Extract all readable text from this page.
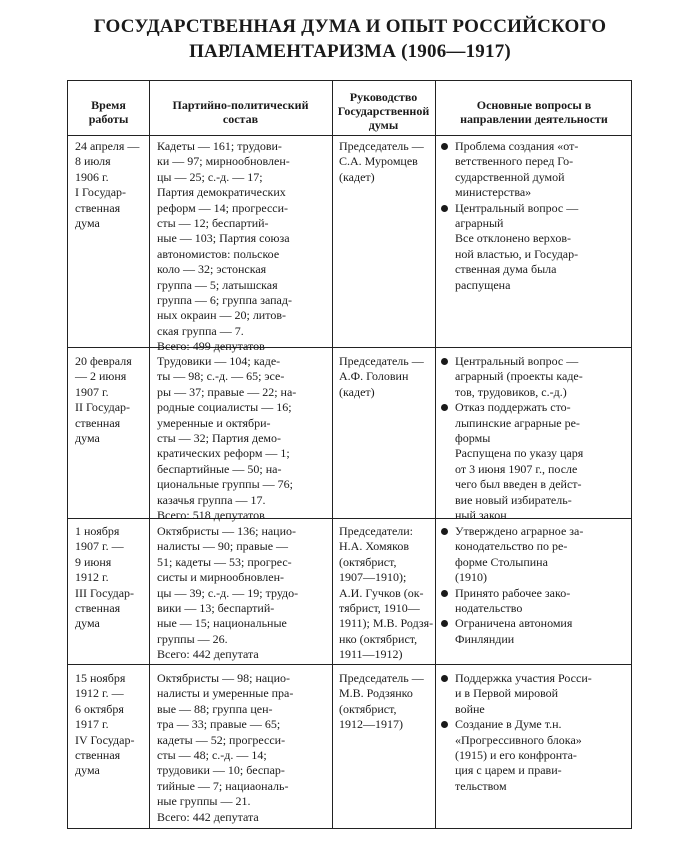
ГОСУДАРСТВЕННАЯ ДУМА И ОПЫТ РОССИЙСКОГО
ПАРЛАМЕНТАРИЗМА (1906—1917)
Время
работы
Партийно-политический
состав
Руководство
Государственной
думы
Основные вопросы в
направлении деятельности
24 апреля —
8 июля
1906 г.
I Государ-
ственная
дума
Кадеты — 161; трудови-
ки — 97; мирнообновлен-
цы — 25; с.-д. — 17;
Партия демократических
реформ — 14; прогресси-
сты — 12; беспартий-
ные — 103; Партия союза
автономистов: польское
коло — 32; эстонская
группа — 5; латышская
группа — 6; группа запад-
ных окраин — 20; литов-
ская группа — 7.
Всего: 499 депутатов
Председатель —
С.А. Муромцев
(кадет)
Проблема создания «от-
ветственного перед Го-
сударственной думой
министерства»
Центральный вопрос —
аграрный
Все отклонено верхов-
ной властью, и Государ-
ственная дума была
распущена
20 февраля
— 2 июня
1907 г.
II Государ-
ственная
дума
Трудовики — 104; каде-
ты — 98; с.-д. — 65; эсе-
ры — 37; правые — 22; на-
родные социалисты — 16;
умеренные и октябри-
сты — 32; Партия демо-
кратических реформ — 1;
беспартийные — 50; на-
циональные группы — 76;
казачья группа — 17.
Всего: 518 депутатов
Председатель —
А.Ф. Головин
(кадет)
Центральный вопрос —
аграрный (проекты каде-
тов, трудовиков, с.-д.)
Отказ поддержать сто-
лыпинские аграрные ре-
формы
Распущена по указу царя
от 3 июня 1907 г., после
чего был введен в дейст-
вие новый избиратель-
ный закон
1 ноября
1907 г. —
9 июня
1912 г.
III Государ-
ственная
дума
Октябристы — 136; нацио-
налисты — 90; правые —
51; кадеты — 53; прогрес-
систы и мирнообновлен-
цы — 39; с.-д. — 19; трудо-
вики — 13; беспартий-
ные — 15; национальные
группы — 26.
Всего: 442 депутата
Председатели:
Н.А. Хомяков
(октябрист,
1907—1910);
А.И. Гучков (ок-
тябрист, 1910—
1911); М.В. Родзя-
нко (октябрист,
1911—1912)
Утверждено аграрное за-
конодательство по ре-
форме Столыпина
(1910)
Принято рабочее зако-
нодательство
Ограничена автономия
Финляндии
15 ноября
1912 г. —
6 октября
1917 г.
IV Государ-
ственная
дума
Октябристы — 98; нацио-
налисты и умеренные пра-
вые — 88; группа цен-
тра — 33; правые — 65;
кадеты — 52; прогресси-
сты — 48; с.-д. — 14;
трудовики — 10; беспар-
тийные — 7; нациаональ-
ные группы — 21.
Всего: 442 депутата
Председатель —
М.В. Родзянко
(октябрист,
1912—1917)
Поддержка участия Росси-
и в Первой мировой
войне
Создание в Думе т.н.
«Прогрессивного блока»
(1915) и его конфронта-
ция с царем и прави-
тельством
